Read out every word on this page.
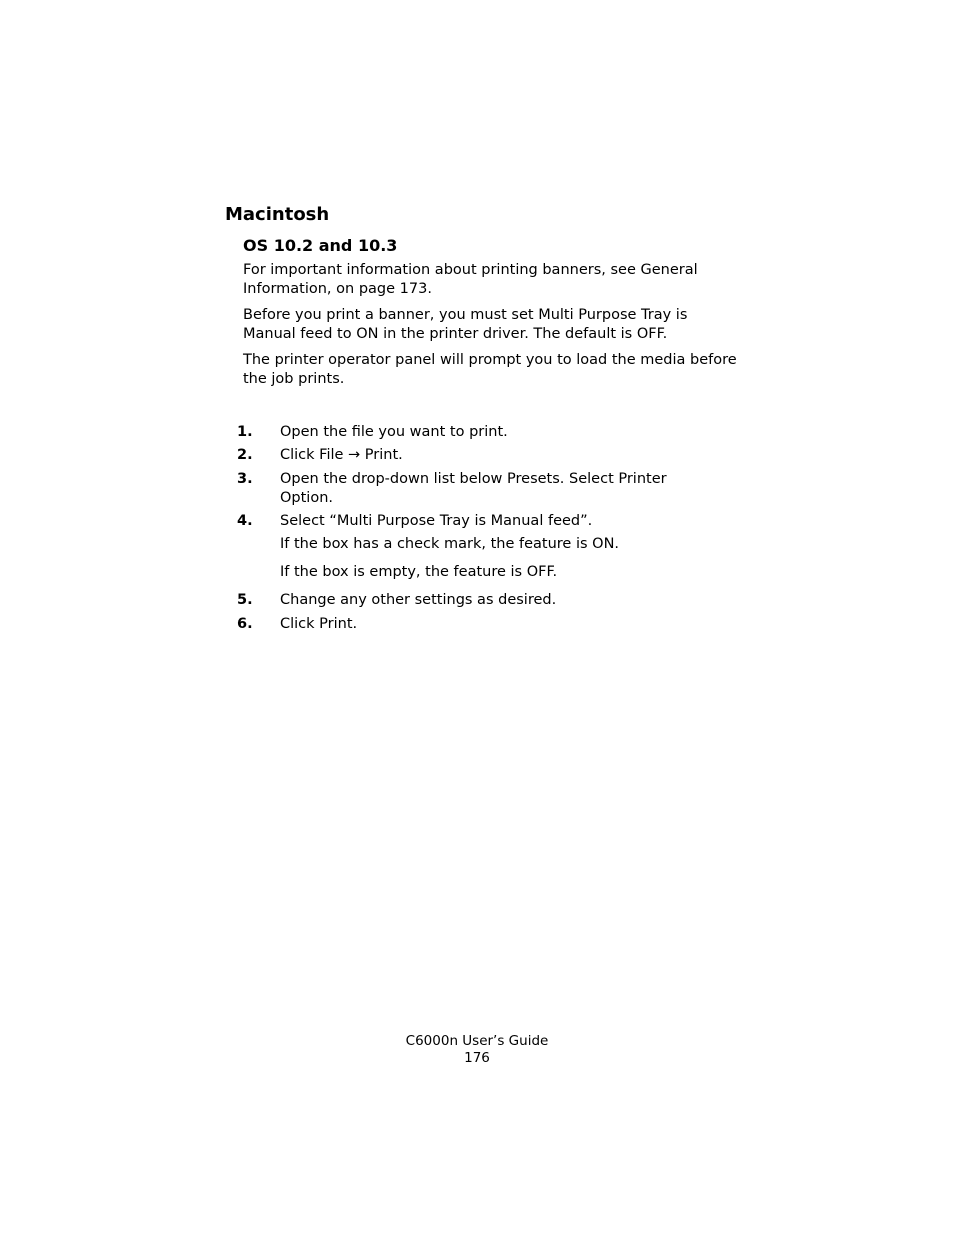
Macintosh
OS 10.2 and 10.3

For important information about printing banners, see General Information, on page 173.

Before you print a banner, you must set Multi Purpose Tray is Manual feed to ON in the printer driver. The default is OFF.

The printer operator panel will prompt you to load the media before the job prints.

1.	Open the file you want to print.
2.	Click File → Print.
3.	Open the drop-down list below Presets. Select Printer Option.
4.	Select “Multi Purpose Tray is Manual feed”.
If the box has a check mark, the feature is ON.
If the box is empty, the feature is OFF.
5.	Change any other settings as desired.
6.	Click Print.
C6000n User’s Guide
176
